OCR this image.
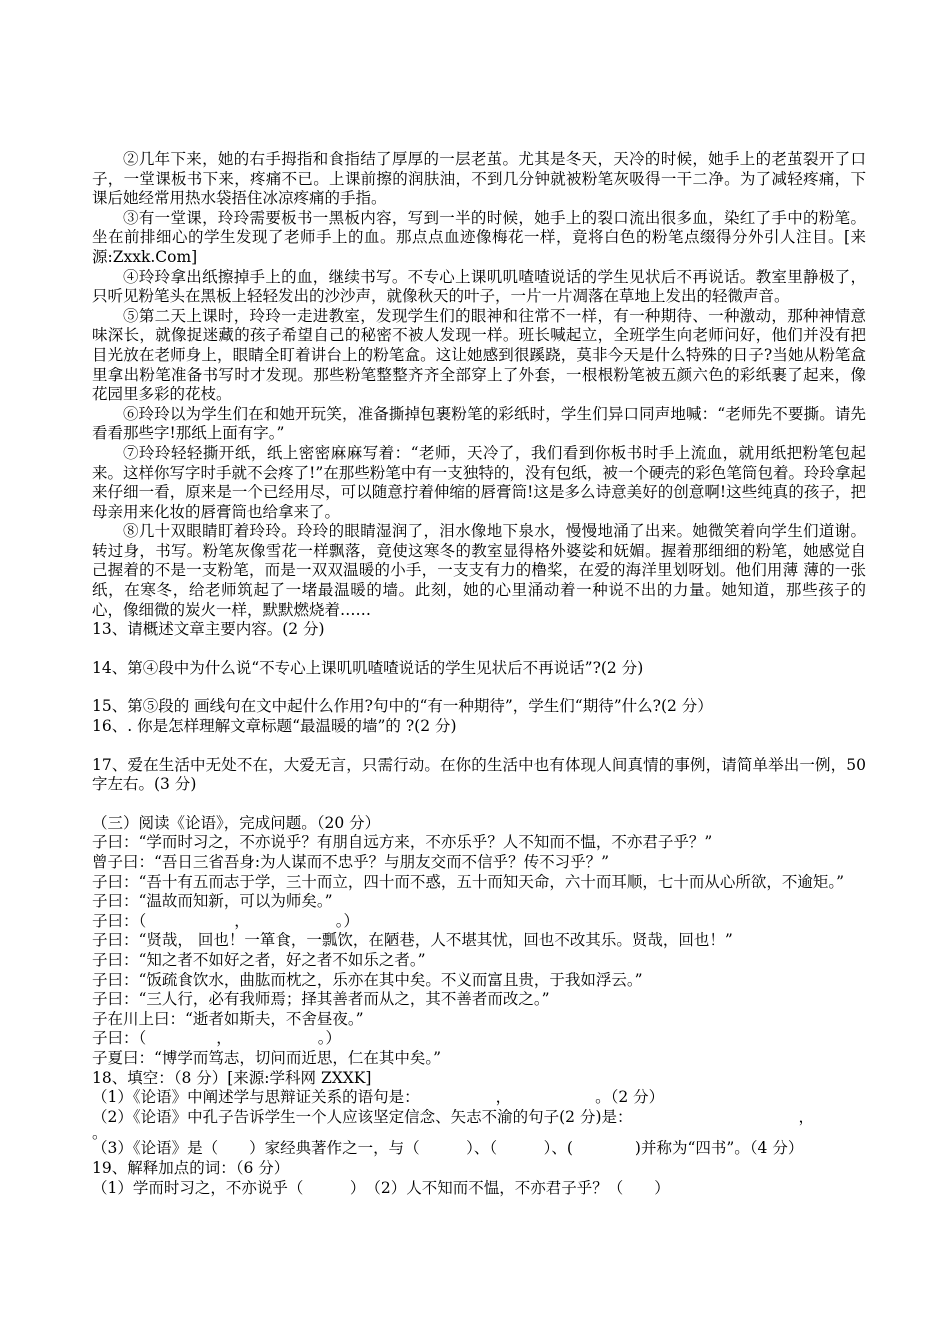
②几年下来，她的右手拇指和食指结了厚厚的一层老茧。尤其是冬天，天冷的时候，她手上的老茧裂开了口子，一堂课板书下来，疼痛不已。上课前擦的润肤油，不到几分钟就被粉笔灰吸得一干二净。为了减轻疼痛，下课后她经常用热水袋捂住冰凉疼痛的手指。

③有一堂课，玲玲需要板书一黑板内容，写到一半的时候，她手上的裂口流出很多血，染红了手中的粉笔。坐在前排细心的学生发现了老师手上的血。那点点血迹像梅花一样，竟将白色的粉笔点缀得分外引人注目。[来源:Zxxk.Com]

④玲玲拿出纸擦掉手上的血，继续书写。不专心上课叽叽喳喳说话的学生见状后不再说话。教室里静极了，只听见粉笔头在黑板上轻轻发出的沙沙声，就像秋天的叶子，一片一片凋落在草地上发出的轻微声音。

⑤第二天上课时，玲玲一走进教室，发现学生们的眼神和往常不一样，有一种期待、一种激动，那种神情意味深长，就像捉迷藏的孩子希望自己的秘密不被人发现一样。班长喊起立，全班学生向老师问好，他们并没有把目光放在老师身上，眼睛全盯着讲台上的粉笔盒。这让她感到很蹊跷，莫非今天是什么特殊的日子?当她从粉笔盒里拿出粉笔准备书写时才发现。那些粉笔整整齐齐全部穿上了外套，一根根粉笔被五颜六色的彩纸裹了起来，像花园里多彩的花枝。

⑥玲玲以为学生们在和她开玩笑，准备撕掉包裹粉笔的彩纸时，学生们异口同声地喊：“老师先不要撕。请先看看那些字!那纸上面有字。”

⑦玲玲轻轻撕开纸，纸上密密麻麻写着：“老师，天冷了，我们看到你板书时手上流血，就用纸把粉笔包起来。这样你写字时手就不会疼了!”在那些粉笔中有一支独特的，没有包纸，被一个硬壳的彩色笔筒包着。玲玲拿起来仔细一看，原来是一个已经用尽，可以随意拧着伸缩的唇膏筒!这是多么诗意美好的创意啊!这些纯真的孩子，把母亲用来化妆的唇膏筒也给拿来了。

⑧几十双眼睛盯着玲玲。玲玲的眼睛湿润了，泪水像地下泉水，慢慢地涌了出来。她微笑着向学生们道谢。转过身，书写。粉笔灰像雪花一样飘落，竟使这寒冬的教室显得格外婆娑和妩媚。握着那细细的粉笔，她感觉自己握着的不是一支粉笔，而是一双双温暖的小手，一支支有力的橹桨，在爱的海洋里划呀划。他们用薄 薄的一张纸，在寒冬，给老师筑起了一堵最温暖的墙。此刻，她的心里涌动着一种说不出的力量。她知道，那些孩子的心，像细微的炭火一样，默默燃烧着……

13、请概述文章主要内容。(2 分)

14、第④段中为什么说“不专心上课叽叽喳喳说话的学生见状后不再说话”?(2 分)

15、第⑤段的 画线句在文中起什么作用?句中的“有一种期待”，学生们“期待”什么?(2 分）

16、. 你是怎样理解文章标题“最温暖的墙”的 ?(2 分)

17、爱在生活中无处不在，大爱无言，只需行动。在你的生活中也有体现人间真情的事例，请简单举出一例，50 字左右。(3 分)

（三）阅读《论语》，完成问题。（20 分）

子曰：“学而时习之，不亦说乎？有朋自远方来，不亦乐乎？人不知而不愠，不亦君子乎？”

曾子曰：“吾日三省吾身:为人谋而不忠乎？与朋友交而不信乎？传不习乎？”

子曰：“吾十有五而志于学，三十而立，四十而不惑，五十而知天命，六十而耳顺，七十而从心所欲，不逾矩。”

子曰：“温故而知新，可以为师矣。”

子曰：（	，	。）

子曰：“贤哉， 回也！一箪食，一瓢饮，在陋巷，人不堪其忧，回也不改其乐。贤哉，回也！”

子曰：“知之者不如好之者，好之者不如乐之者。”

子曰：“饭疏食饮水，曲肱而枕之，乐亦在其中矣。不义而富且贵，于我如浮云。”

子曰：“三人行，必有我师焉；择其善者而从之，其不善者而改之。”

子在川上曰：“逝者如斯夫，不舍昼夜。”

子曰：（	，	。）

子夏曰：“博学而笃志，切问而近思，仁在其中矣。”

18、填空：（8 分）[来源:学科网 ZXXK]

（1）《论语》中阐述学与思辩证关系的语句是：	，	。（2 分）

（2）《论语》中孔子告诉学生一个人应该坚定信念、矢志不渝的句子(2 分)是：	，

。

（3）《论语》是（　　）家经典著作之一，与（　　　）、（　　　）、(　　　　)并称为“四书”。（4 分）

19、解释加点的词：（6 分）

（1）学而时习之，不亦说乎（　　　）　（2）人不知而不愠，不亦君子乎？（　　）
